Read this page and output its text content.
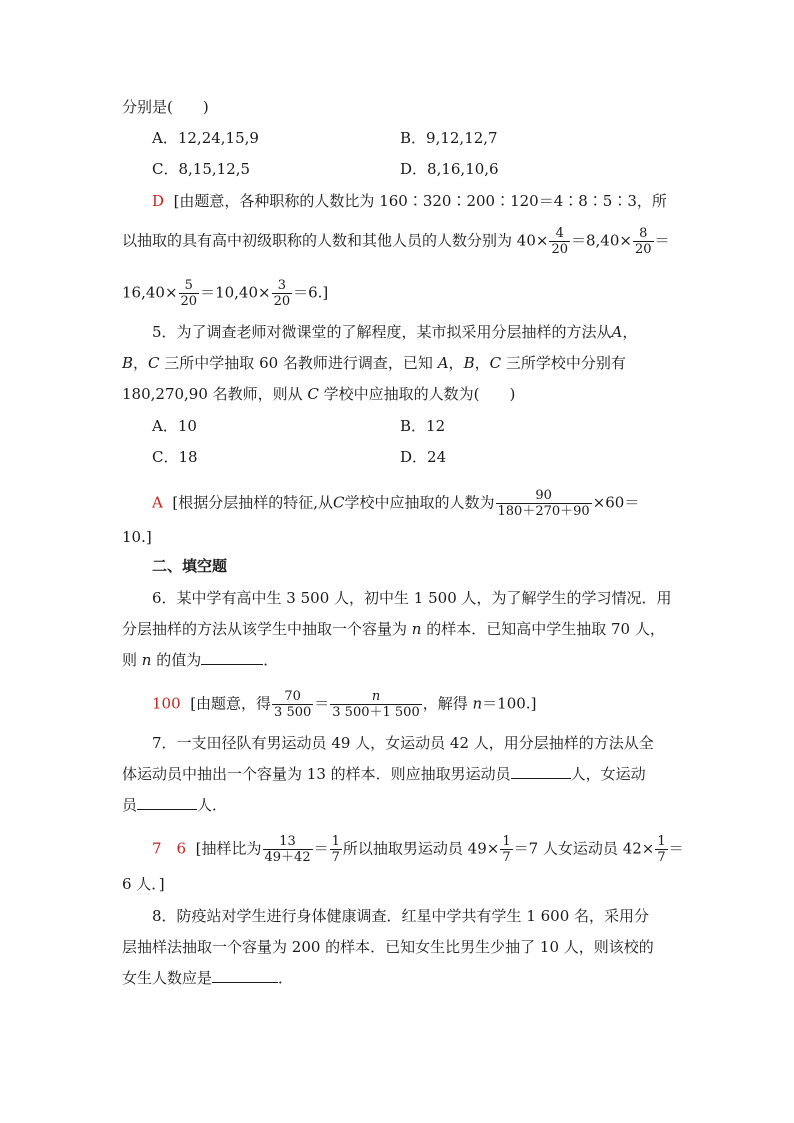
分别是(　　)
A．12,24,15,9	B．9,12,12,7
C．8,15,12,5	D．8,16,10,6
D [由题意，各种职称的人数比为 160∶320∶200∶120＝4∶8∶5∶3，所
以抽取的具有高中初级职称的人数和其他人员的人数分别为 $40\times \frac{4}{20} =8,40\times \frac{8}{20}$ ＝
$16,40\times \frac{5}{20} =10,40\times \frac{3}{20} =6$.]
5．为了调查老师对微课堂的了解程度，某市拟采用分层抽样的方法从A，
B，C 三所中学抽取 60 名教师进行调查，已知 A，B，C 三所学校中分别有
180,270,90 名教师，则从 C 学校中应抽取的人数为(　　)
A．10	B．12
C．18	D．24
A [根据分层抽样的特征,从C学校中应抽取的人数为 $\frac{90}{180+270+90} \times 60=$
10.]
二、填空题
6．某中学有高中生 3 500 人，初中生 1 500 人，为了解学生的学习情况．用
分层抽样的方法从该学生中抽取一个容量为 n 的样本．已知高中学生抽取 70 人，
则 n 的值为	．
100 [由题意，得 $\frac{70}{3 500} = \frac{n}{3 500+1 500}$ ，解得 n＝100.]
7．一支田径队有男运动员 49 人，女运动员 42 人，用分层抽样的方法从全
体运动员中抽出一个容量为 13 的样本．则应抽取男运动员	人，女运动
员	人．
7　6 [抽样比为 $\frac{13}{49+42} = \frac{1}{7}$ 所以抽取男运动员 $49\times \frac{1}{7} =7$ 人女运动员 $42\times \frac{1}{7}$ ＝
6 人．]
8．防疫站对学生进行身体健康调查．红星中学共有学生 1 600 名，采用分
层抽样法抽取一个容量为 200 的样本．已知女生比男生少抽了 10 人，则该校的
女生人数应是	．
